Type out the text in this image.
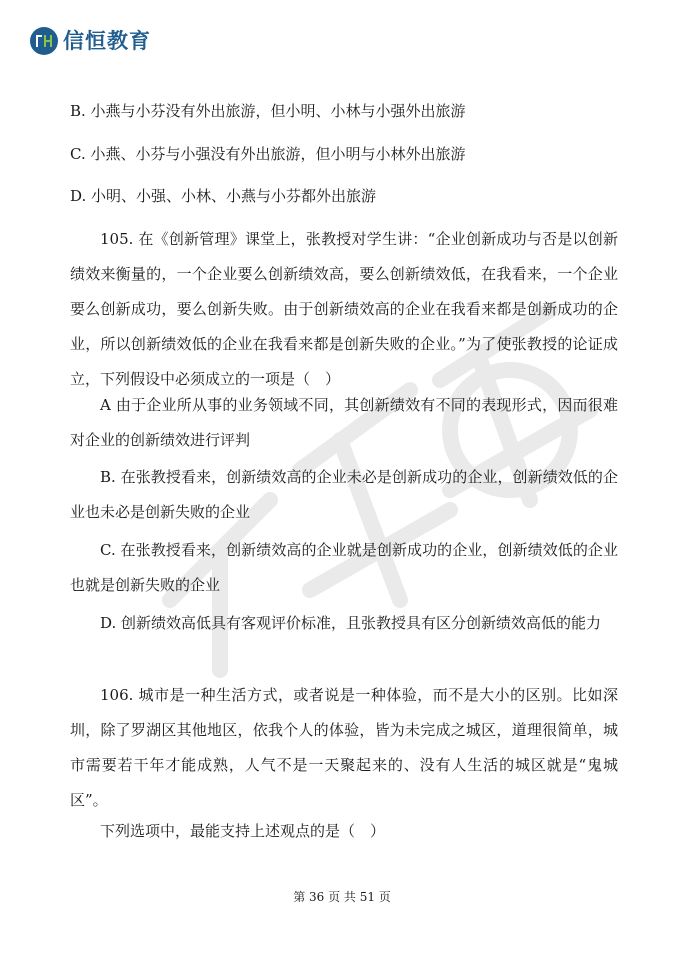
信恒教育
B. 小燕与小芬没有外出旅游，但小明、小林与小强外出旅游
C. 小燕、小芬与小强没有外出旅游，但小明与小林外出旅游
D. 小明、小强、小林、小燕与小芬都外出旅游
105. 在《创新管理》课堂上，张教授对学生讲：“企业创新成功与否是以创新绩效来衡量的，一个企业要么创新绩效高，要么创新绩效低，在我看来，一个企业要么创新成功，要么创新失败。由于创新绩效高的企业在我看来都是创新成功的企业，所以创新绩效低的企业在我看来都是创新失败的企业。”为了使张教授的论证成立，下列假设中必须成立的一项是（　）
A 由于企业所从事的业务领域不同，其创新绩效有不同的表现形式，因而很难对企业的创新绩效进行评判
B. 在张教授看来，创新绩效高的企业未必是创新成功的企业，创新绩效低的企业也未必是创新失败的企业
C. 在张教授看来，创新绩效高的企业就是创新成功的企业，创新绩效低的企业也就是创新失败的企业
D. 创新绩效高低具有客观评价标准，且张教授具有区分创新绩效高低的能力
106. 城市是一种生活方式，或者说是一种体验，而不是大小的区别。比如深圳，除了罗湖区其他地区，依我个人的体验，皆为未完成之城区，道理很简单，城市需要若干年才能成熟，人气不是一天聚起来的、没有人生活的城区就是“鬼城区”。
下列选项中，最能支持上述观点的是（　）
第 36 页 共 51 页
